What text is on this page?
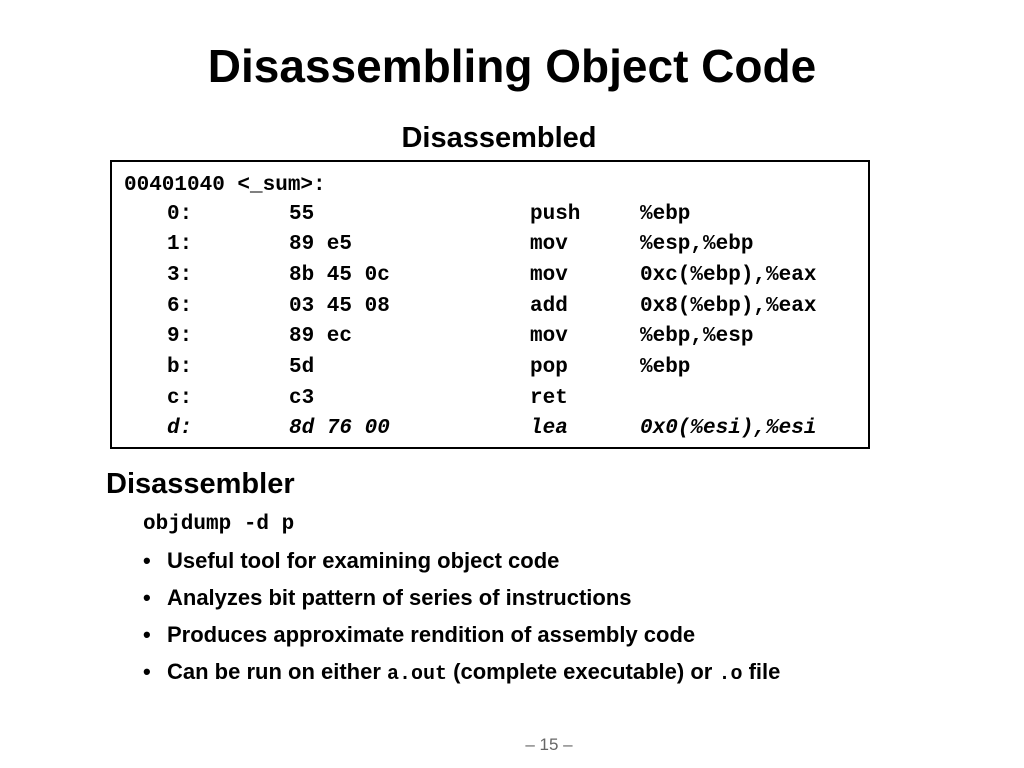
Disassembling Object Code
Disassembled
00401040 <_sum>:
0:	55	push	%ebp
1:	89 e5	mov	%esp,%ebp
3:	8b 45 0c	mov	0xc(%ebp),%eax
6:	03 45 08	add	0x8(%ebp),%eax
9:	89 ec	mov	%ebp,%esp
b:	5d	pop	%ebp
c:	c3	ret
d:	8d 76 00	lea	0x0(%esi),%esi
Disassembler
objdump -d p
• Useful tool for examining object code
• Analyzes bit pattern of series of instructions
• Produces approximate rendition of assembly code
• Can be run on either a.out (complete executable) or .o file
– 15 –
